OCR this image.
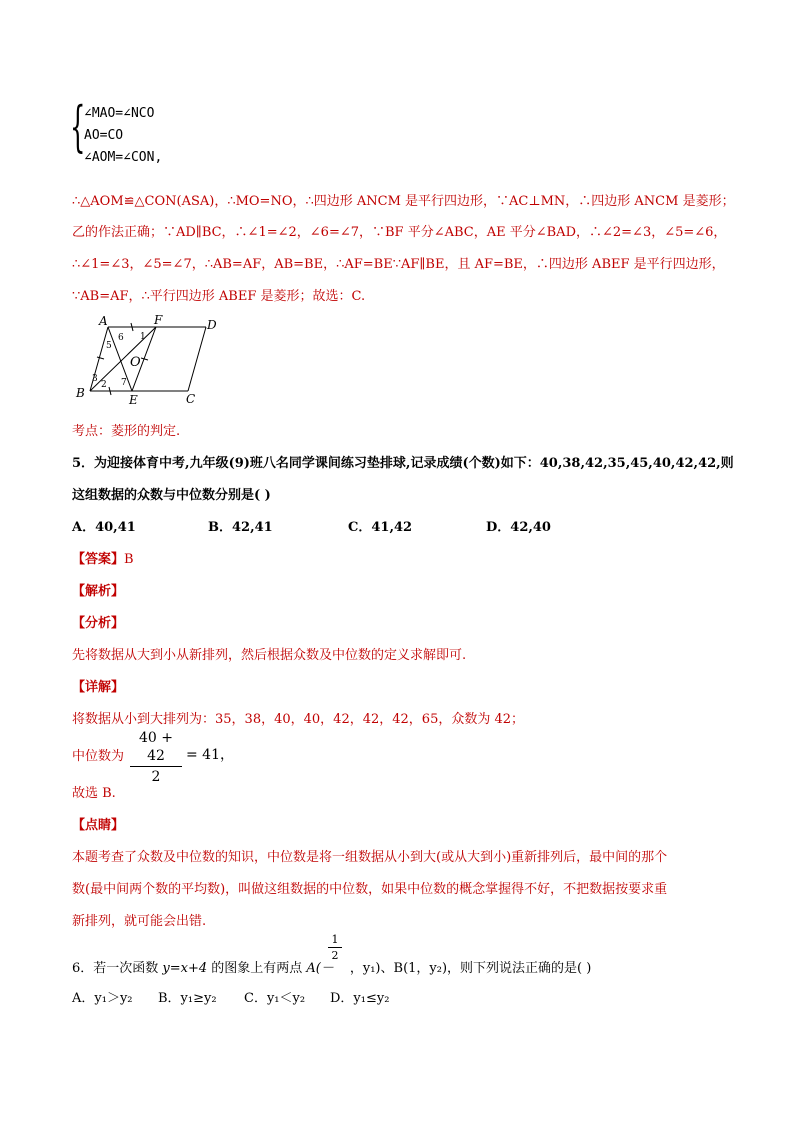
{
∠MAO=∠NCO
AO=CO
∠AOM=∠CON,
∴△AOM≌△CON(ASA)，∴MO=NO，∴四边形 ANCM 是平行四边形，∵AC⊥MN，∴四边形 ANCM 是菱形；
乙的作法正确；∵AD∥BC，∴∠1=∠2，∠6=∠7，∵BF 平分∠ABC，AE 平分∠BAD，∴∠2=∠3，∠5=∠6，
∴∠1=∠3，∠5=∠7，∴AB=AF，AB=BE，∴AF=BE∵AF∥BE，且 AF=BE，∴四边形 ABEF 是平行四边形，
∵AB=AF，∴平行四边形 ABEF 是菱形；故选：C.
A	F	D
B	E	C
O
1
6
5
3
2 7
考点：菱形的判定.
5．为迎接体育中考,九年级(9)班八名同学课间练习垫排球,记录成绩(个数)如下：40,38,42,35,45,40,42,42,则
这组数据的众数与中位数分别是( )
A．40,41	B．42,41	C．41,42	D．42,40
【答案】B
【解析】
【分析】
先将数据从大到小从新排列，然后根据众数及中位数的定义求解即可.
【详解】
将数据从小到大排列为：35，38，40，40，42，42，42，65，众数为 42；
中位数为
40 + 42
2
= 41，
故选 B.
【点睛】
本题考查了众数及中位数的知识，中位数是将一组数据从小到大(或从大到小)重新排列后，最中间的那个
数(最中间两个数的平均数)，叫做这组数据的中位数，如果中位数的概念掌握得不好，不把数据按要求重
新排列，就可能会出错.
6．若一次函数 y=x+4 的图象上有两点 A(－ ，y₁)、B(1，y₂)，则下列说法正确的是( )
1
2
A．y₁＞y₂ B．y₁≥y₂ C．y₁＜y₂ D．y₁≤y₂
